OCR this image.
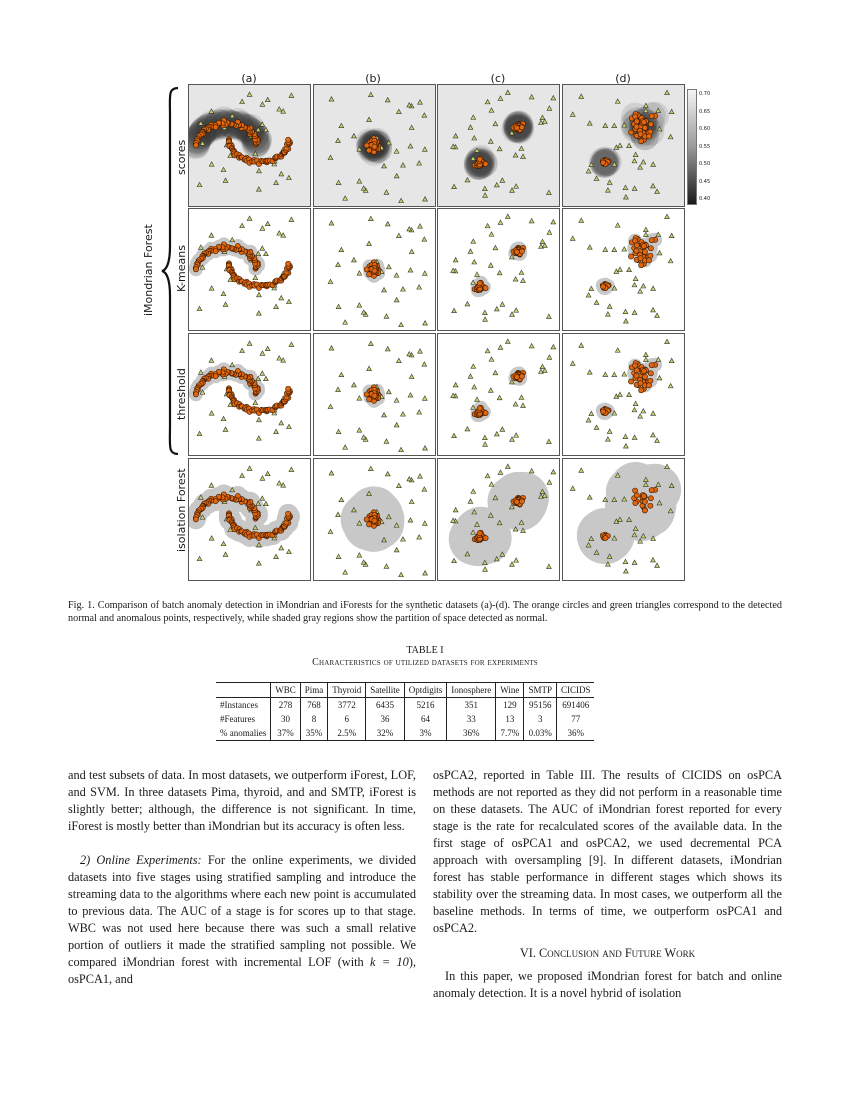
(a)	(b)	(c)	(d)
iMondrian Forest
scores
K-means
threshold
isolation Forest
0.70
0.65
0.60
0.55
0.50
0.45
0.40
Fig. 1. Comparison of batch anomaly detection in iMondrian and iForests for the synthetic datasets (a)-(d). The orange circles and green triangles correspond to the detected normal and anomalous points, respectively, while shaded gray regions show the partition of space detected as normal.
TABLE I
Characteristics of utilized datasets for experiments
	WBC	Pima	Thyroid	Satellite	Optdigits	Ionosphere	Wine	SMTP	CICIDS
#Instances	278	768	3772	6435	5216	351	129	95156	691406
#Features	30	8	6	36	64	33	13	3	77
% anomalies	37%	35%	2.5%	32%	3%	36%	7.7%	0.03%	36%

and test subsets of data. In most datasets, we outperform iForest, LOF, and SVM. In three datasets Pima, thyroid, and and SMTP, iForest is slightly better; although, the difference is not significant. In time, iForest is mostly better than iMondrian but its accuracy is often less.

2) Online Experiments: For the online experiments, we divided datasets into five stages using stratified sampling and introduce the streaming data to the algorithms where each new point is accumulated to previous data. The AUC of a stage is for scores up to that stage. WBC was not used here because there was such a small relative portion of outliers it made the stratified sampling not possible. We compared iMondrian forest with incremental LOF (with k = 10), osPCA1, and

osPCA2, reported in Table III. The results of CICIDS on osPCA methods are not reported as they did not perform in a reasonable time on these datasets. The AUC of iMondrian forest reported for every stage is the rate for recalculated scores of the available data. In the first stage of osPCA1 and osPCA2, we used decremental PCA approach with oversampling [9]. In different datasets, iMondrian forest has stable performance in different stages which shows its stability over the streaming data. In most cases, we outperform all the baseline methods. In terms of time, we outperform osPCA1 and osPCA2.

VI. Conclusion and Future Work

In this paper, we proposed iMondrian forest for batch and online anomaly detection. It is a novel hybrid of isolation
